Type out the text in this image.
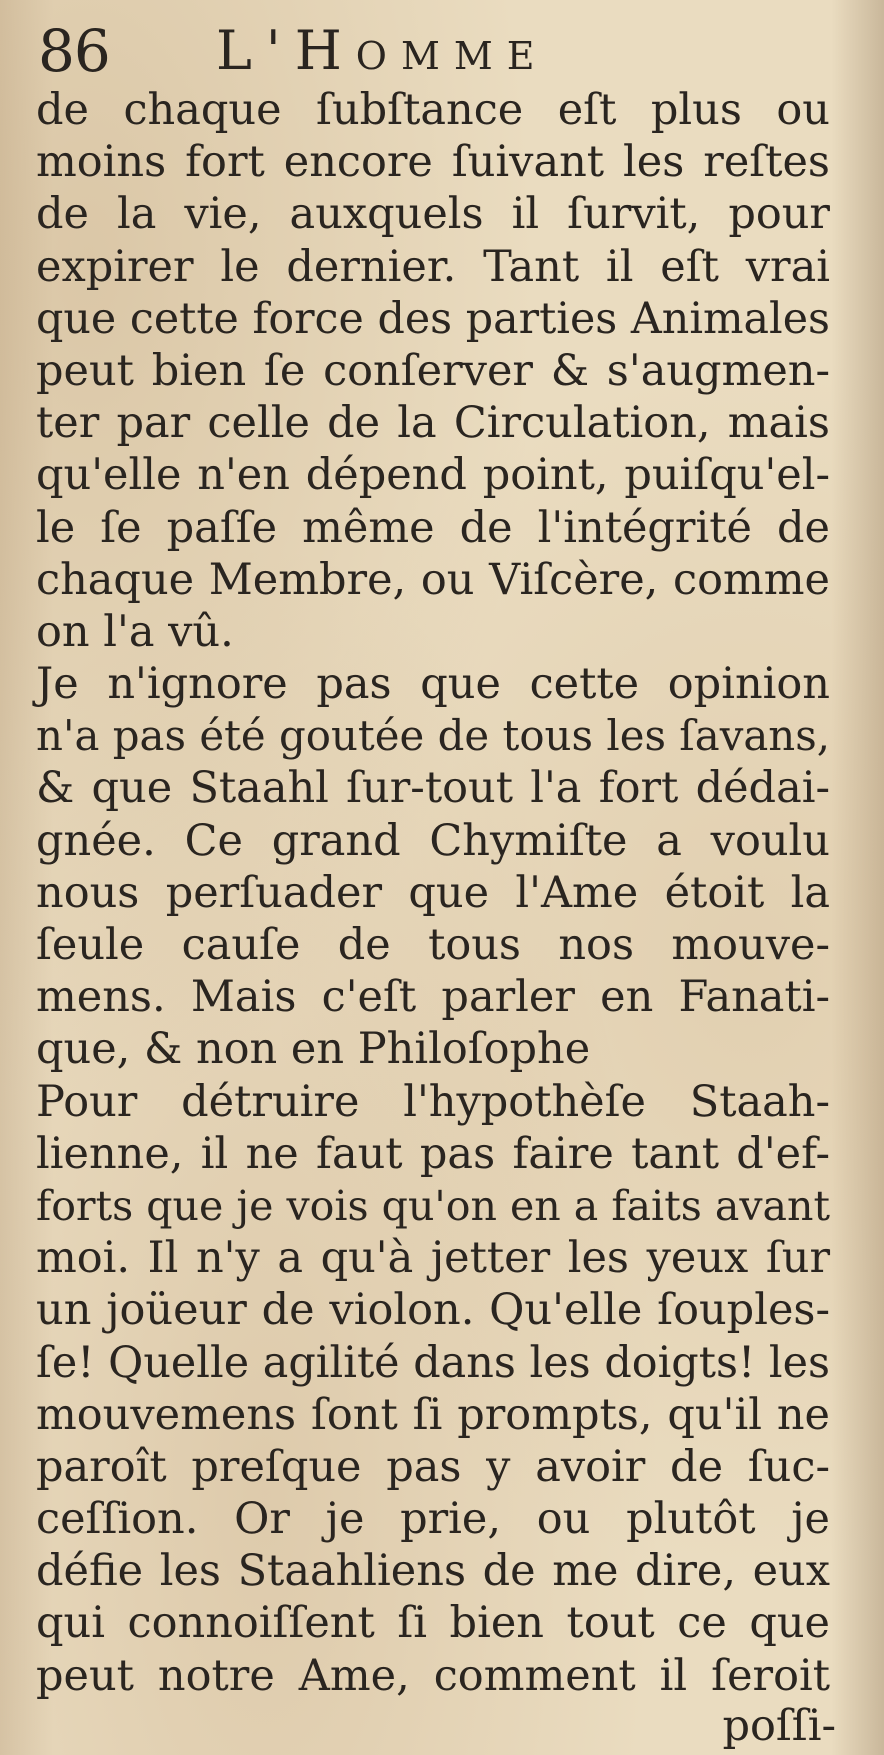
86 L'Homme
de chaque ſubſtance eſt plus ou
moins fort encore ſuivant les reſtes
de la vie, auxquels il ſurvit, pour
expirer le dernier. Tant il eſt vrai
que cette force des parties Animales
peut bien ſe conſerver & s'augmen-
ter par celle de la Circulation, mais
qu'elle n'en dépend point, puiſqu'el-
le ſe paſſe même de l'intégrité de
chaque Membre, ou Viſcère, comme
on l'a vû.
Je n'ignore pas que cette opinion
n'a pas été goutée de tous les ſavans,
& que Staahl ſur-tout l'a fort dédai-
gnée. Ce grand Chymiſte a voulu
nous perſuader que l'Ame étoit la
ſeule cauſe de tous nos mouve-
mens. Mais c'eſt parler en Fanati-
que, & non en Philoſophe
Pour détruire l'hypothèſe Staah-
lienne, il ne faut pas faire tant d'ef-
forts que je vois qu'on en a faits avant
moi. Il n'y a qu'à jetter les yeux ſur
un joüeur de violon. Qu'elle ſouples-
ſe! Quelle agilité dans les doigts! les
mouvemens ſont ſi prompts, qu'il ne
paroît preſque pas y avoir de ſuc-
ceſſion. Or je prie, ou plutôt je
défie les Staahliens de me dire, eux
qui connoiſſent ſi bien tout ce que
peut notre Ame, comment il ſeroit
poſſi-
